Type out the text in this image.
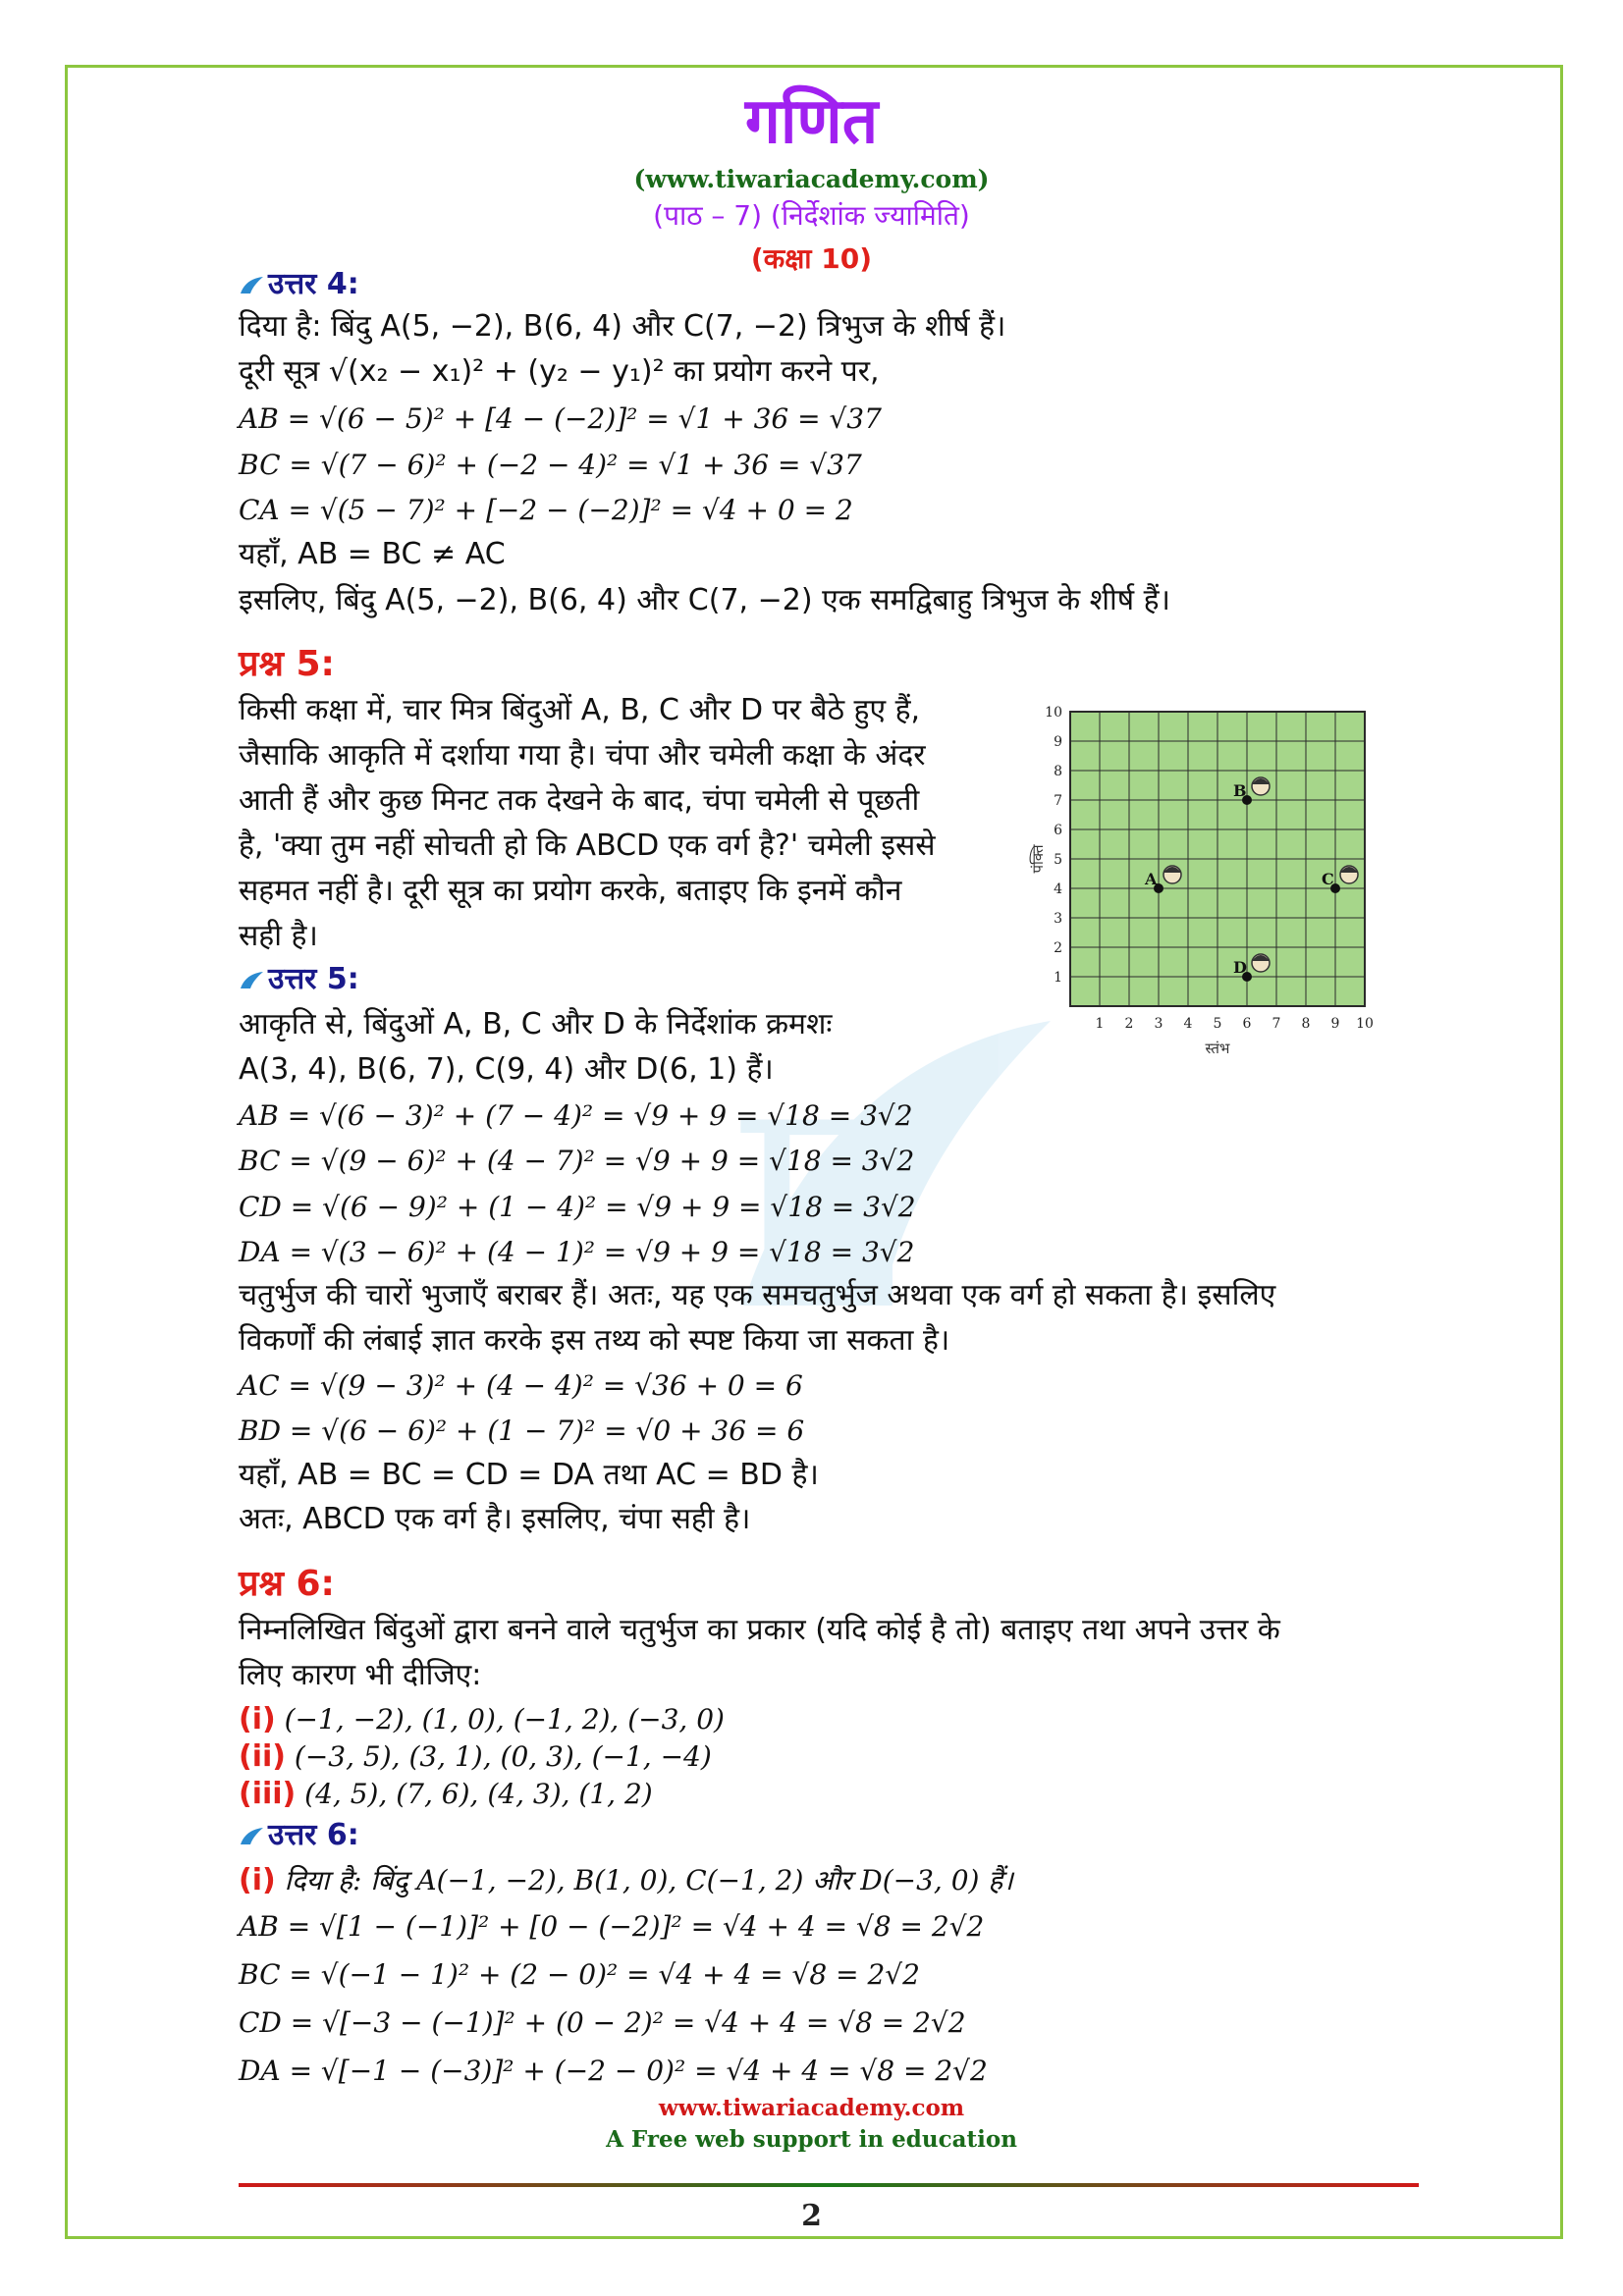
गणित
(www.tiwariacademy.com)
(पाठ – 7) (निर्देशांक ज्यामिति)
(कक्षा 10)
E
उत्तर 4:
दिया है: बिंदु A(5, −2), B(6, 4) और C(7, −2) त्रिभुज के शीर्ष हैं।
दूरी सूत्र √(x₂ − x₁)² + (y₂ − y₁)² का प्रयोग करने पर,
AB = √(6 − 5)² + [4 − (−2)]² = √1 + 36 = √37
BC = √(7 − 6)² + (−2 − 4)² = √1 + 36 = √37
CA = √(5 − 7)² + [−2 − (−2)]² = √4 + 0 = 2
यहाँ, AB = BC ≠ AC
इसलिए, बिंदु A(5, −2), B(6, 4) और C(7, −2) एक समद्विबाहु त्रिभुज के शीर्ष हैं।
प्रश्न 5:
किसी कक्षा में, चार मित्र बिंदुओं A, B, C और D पर बैठे हुए हैं,
जैसाकि आकृति में दर्शाया गया है। चंपा और चमेली कक्षा के अंदर
आती हैं और कुछ मिनट तक देखने के बाद, चंपा चमेली से पूछती
है, 'क्या तुम नहीं सोचती हो कि ABCD एक वर्ग है?' चमेली इससे
सहमत नहीं है। दूरी सूत्र का प्रयोग करके, बताइए कि इनमें कौन
सही है।
उत्तर 5:
आकृति से, बिंदुओं A, B, C और D के निर्देशांक क्रमशः
A(3, 4), B(6, 7), C(9, 4) और D(6, 1) हैं।
AB = √(6 − 3)² + (7 − 4)² = √9 + 9 = √18 = 3√2
BC = √(9 − 6)² + (4 − 7)² = √9 + 9 = √18 = 3√2
CD = √(6 − 9)² + (1 − 4)² = √9 + 9 = √18 = 3√2
DA = √(3 − 6)² + (4 − 1)² = √9 + 9 = √18 = 3√2
चतुर्भुज की चारों भुजाएँ बराबर हैं। अतः, यह एक समचतुर्भुज अथवा एक वर्ग हो सकता है। इसलिए
विकर्णों की लंबाई ज्ञात करके इस तथ्य को स्पष्ट किया जा सकता है।
AC = √(9 − 3)² + (4 − 4)² = √36 + 0 = 6
BD = √(6 − 6)² + (1 − 7)² = √0 + 36 = 6
यहाँ, AB = BC = CD = DA तथा AC = BD है।
अतः, ABCD एक वर्ग है। इसलिए, चंपा सही है।
प्रश्न 6:
निम्नलिखित बिंदुओं द्वारा बनने वाले चतुर्भुज का प्रकार (यदि कोई है तो) बताइए तथा अपने उत्तर के
लिए कारण भी दीजिए:
(i) (−1, −2), (1, 0), (−1, 2), (−3, 0)
(ii) (−3, 5), (3, 1), (0, 3), (−1, −4)
(iii) (4, 5), (7, 6), (4, 3), (1, 2)
उत्तर 6:
(i) दिया है: बिंदु A(−1, −2), B(1, 0), C(−1, 2) और D(−3, 0) हैं।
AB = √[1 − (−1)]² + [0 − (−2)]² = √4 + 4 = √8 = 2√2
BC = √(−1 − 1)² + (2 − 0)² = √4 + 4 = √8 = 2√2
CD = √[−3 − (−1)]² + (0 − 2)² = √4 + 4 = √8 = 2√2
DA = √[−1 − (−3)]² + (−2 − 0)² = √4 + 4 = √8 = 2√2
1
1
2
2
3
3
4
4
5
5
6
6
7
7
8
8
9
9
10
10
स्तंभ
पंक्ति
A
B
C
D
www.tiwariacademy.com
A Free web support in education
2
